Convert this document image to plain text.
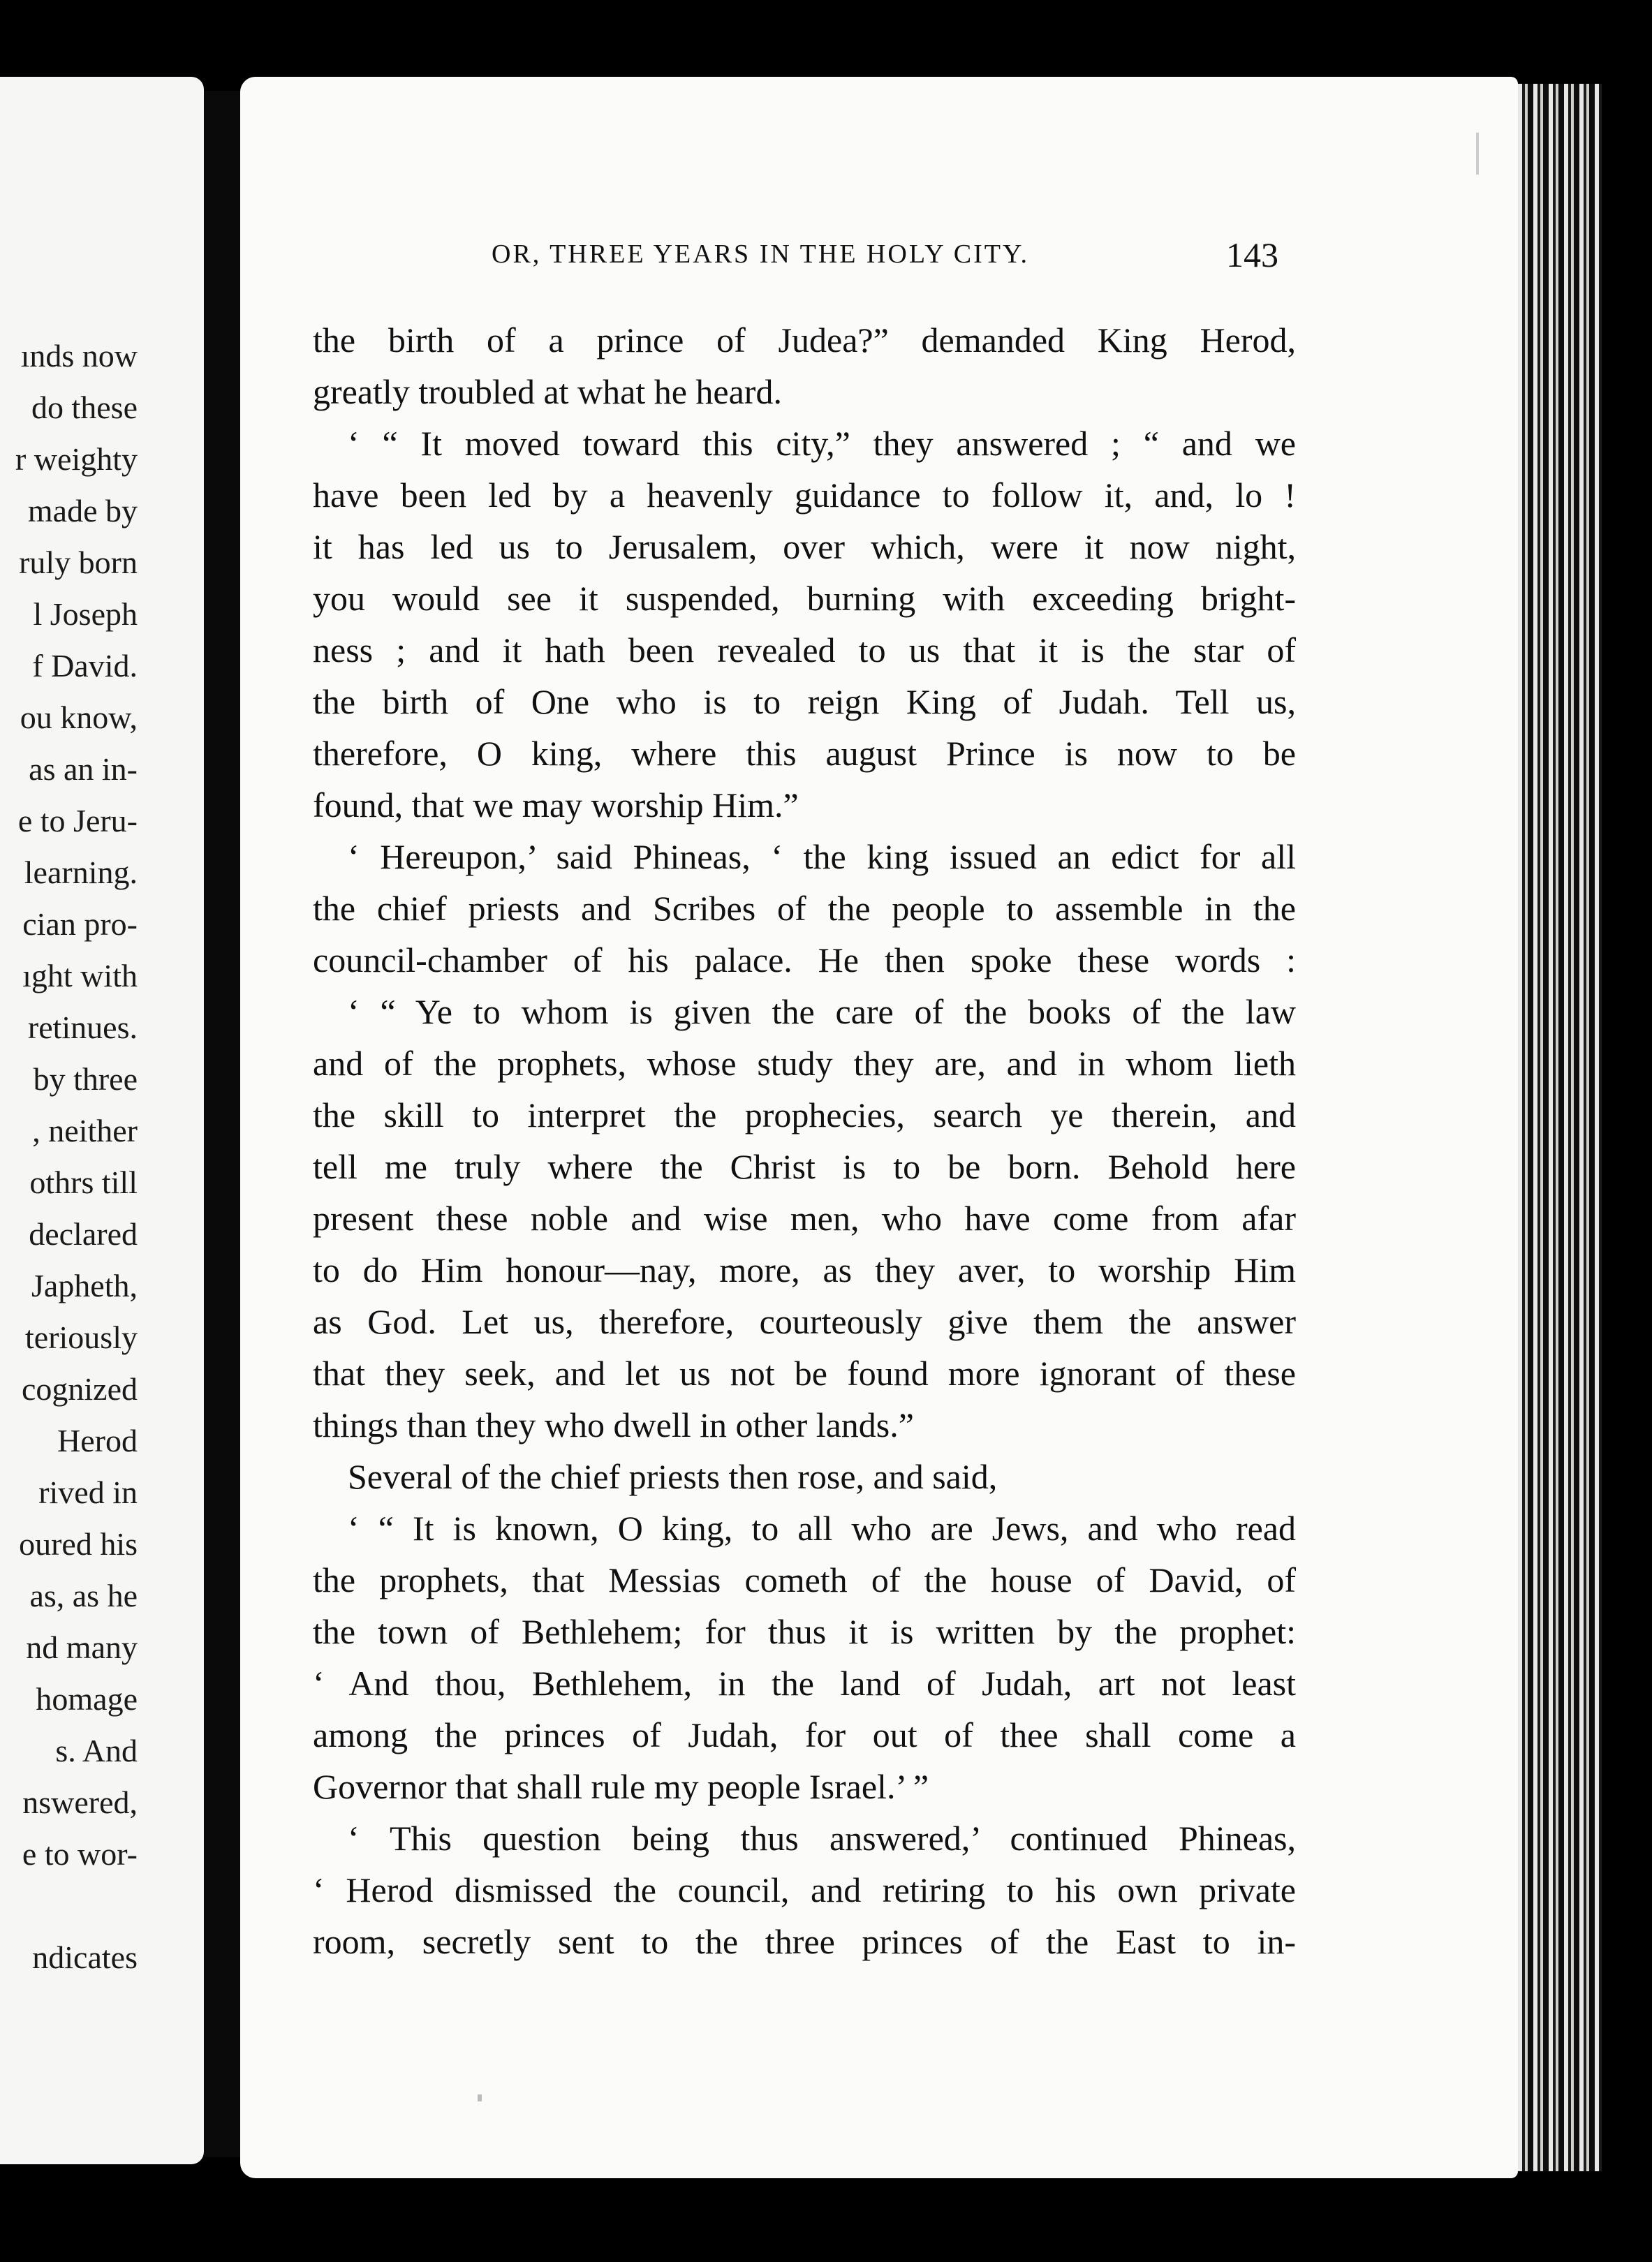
ınds now
do these
r weighty
made by
ruly born
l Joseph
f David.
ou know,
as an in-
e to Jeru-
learning.
cian pro-
ıght with
retinues.
by three
, neither
othrs till
declared
Japheth,
teriously
cognized
Herod
rived in
oured his
as, as he
nd many
homage
s. And
nswered,
e to wor-
ndicates
OR, THREE YEARS IN THE HOLY CITY.	143
the birth of a prince of Judea?” demanded King Herod,
greatly troubled at what he heard.
‘ “ It moved toward this city,” they answered ; “ and we
have been led by a heavenly guidance to follow it, and, lo !
it has led us to Jerusalem, over which, were it now night,
you would see it suspended, burning with exceeding bright-
ness ; and it hath been revealed to us that it is the star of
the birth of One who is to reign King of Judah. Tell us,
therefore, O king, where this august Prince is now to be
found, that we may worship Him.”
‘ Hereupon,’ said Phineas, ‘ the king issued an edict for all
the chief priests and Scribes of the people to assemble in the
council-chamber of his palace. He then spoke these words :
‘ “ Ye to whom is given the care of the books of the law
and of the prophets, whose study they are, and in whom lieth
the skill to interpret the prophecies, search ye therein, and
tell me truly where the Christ is to be born. Behold here
present these noble and wise men, who have come from afar
to do Him honour—nay, more, as they aver, to worship Him
as God. Let us, therefore, courteously give them the answer
that they seek, and let us not be found more ignorant of these
things than they who dwell in other lands.”
Several of the chief priests then rose, and said,
‘ “ It is known, O king, to all who are Jews, and who read
the prophets, that Messias cometh of the house of David, of
the town of Bethlehem; for thus it is written by the prophet:
‘ And thou, Bethlehem, in the land of Judah, art not least
among the princes of Judah, for out of thee shall come a
Governor that shall rule my people Israel.’ ”
‘ This question being thus answered,’ continued Phineas,
‘ Herod dismissed the council, and retiring to his own private
room, secretly sent to the three princes of the East to in-
